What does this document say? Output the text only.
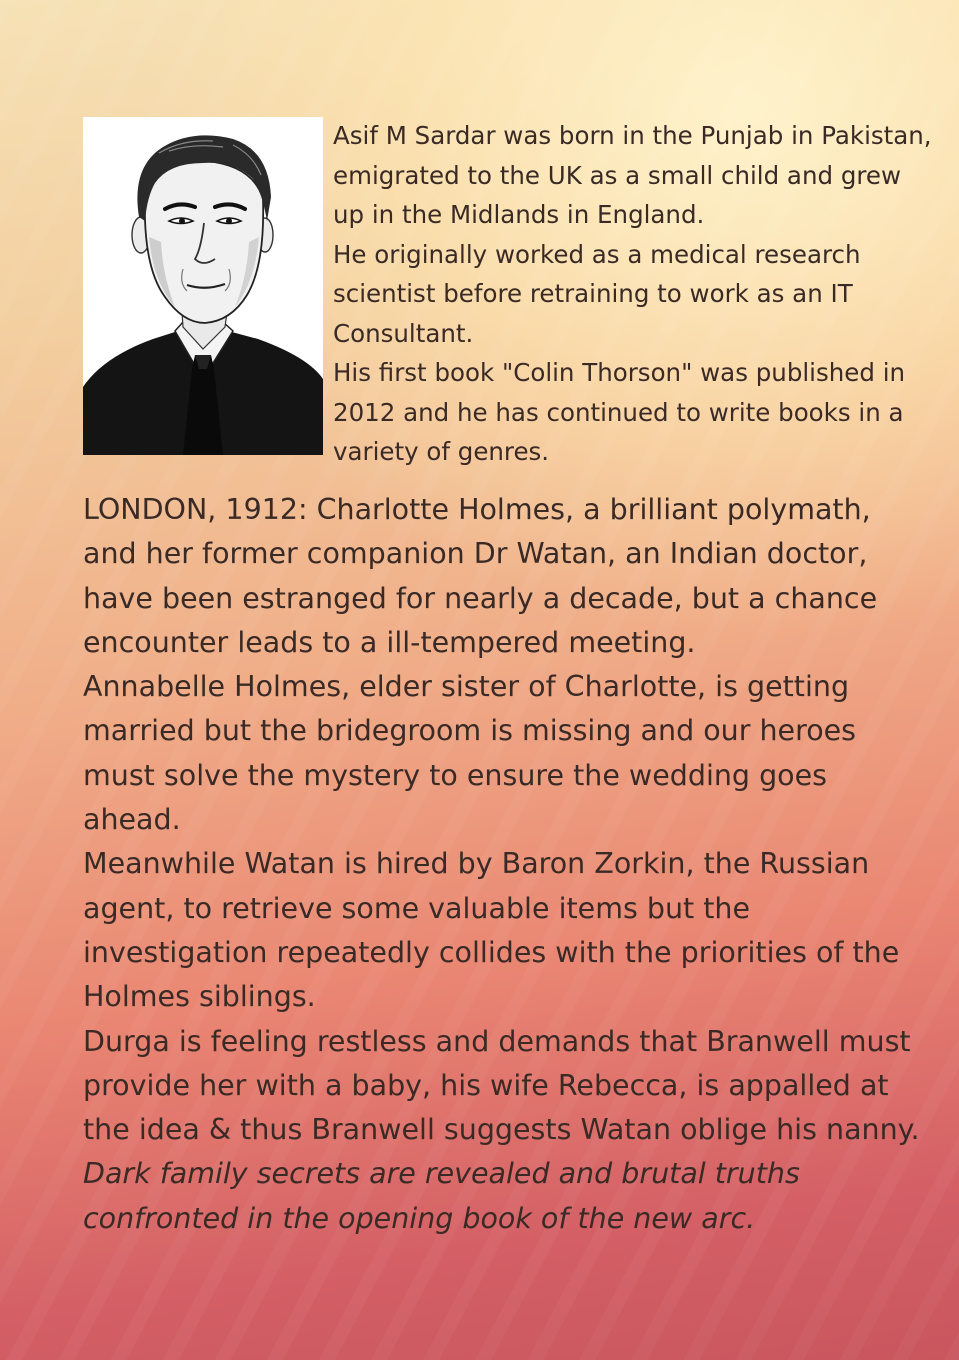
Asif M Sardar was born in the Punjab in Pakistan, emigrated to the UK as a small child and grew up in the Midlands in England.

He originally worked as a medical research scientist before retraining to work as an IT Consultant.

His first book "Colin Thorson" was published in 2012 and he has continued to write books in a variety of genres.

LONDON, 1912: Charlotte Holmes, a brilliant polymath, and her former companion Dr Watan, an Indian doctor, have been estranged for nearly a decade, but a chance encounter leads to a ill-tempered meeting.

Annabelle Holmes, elder sister of Charlotte, is getting married but the bridegroom is missing and our heroes must solve the mystery to ensure the wedding goes ahead.

Meanwhile Watan is hired by Baron Zorkin, the Russian agent, to retrieve some valuable items but the investigation repeatedly collides with the priorities of the Holmes siblings.

Durga is feeling restless and demands that Branwell must provide her with a baby, his wife Rebecca, is appalled at the idea & thus Branwell suggests Watan oblige his nanny.

Dark family secrets are revealed and brutal truths confronted in the opening book of the new arc.
